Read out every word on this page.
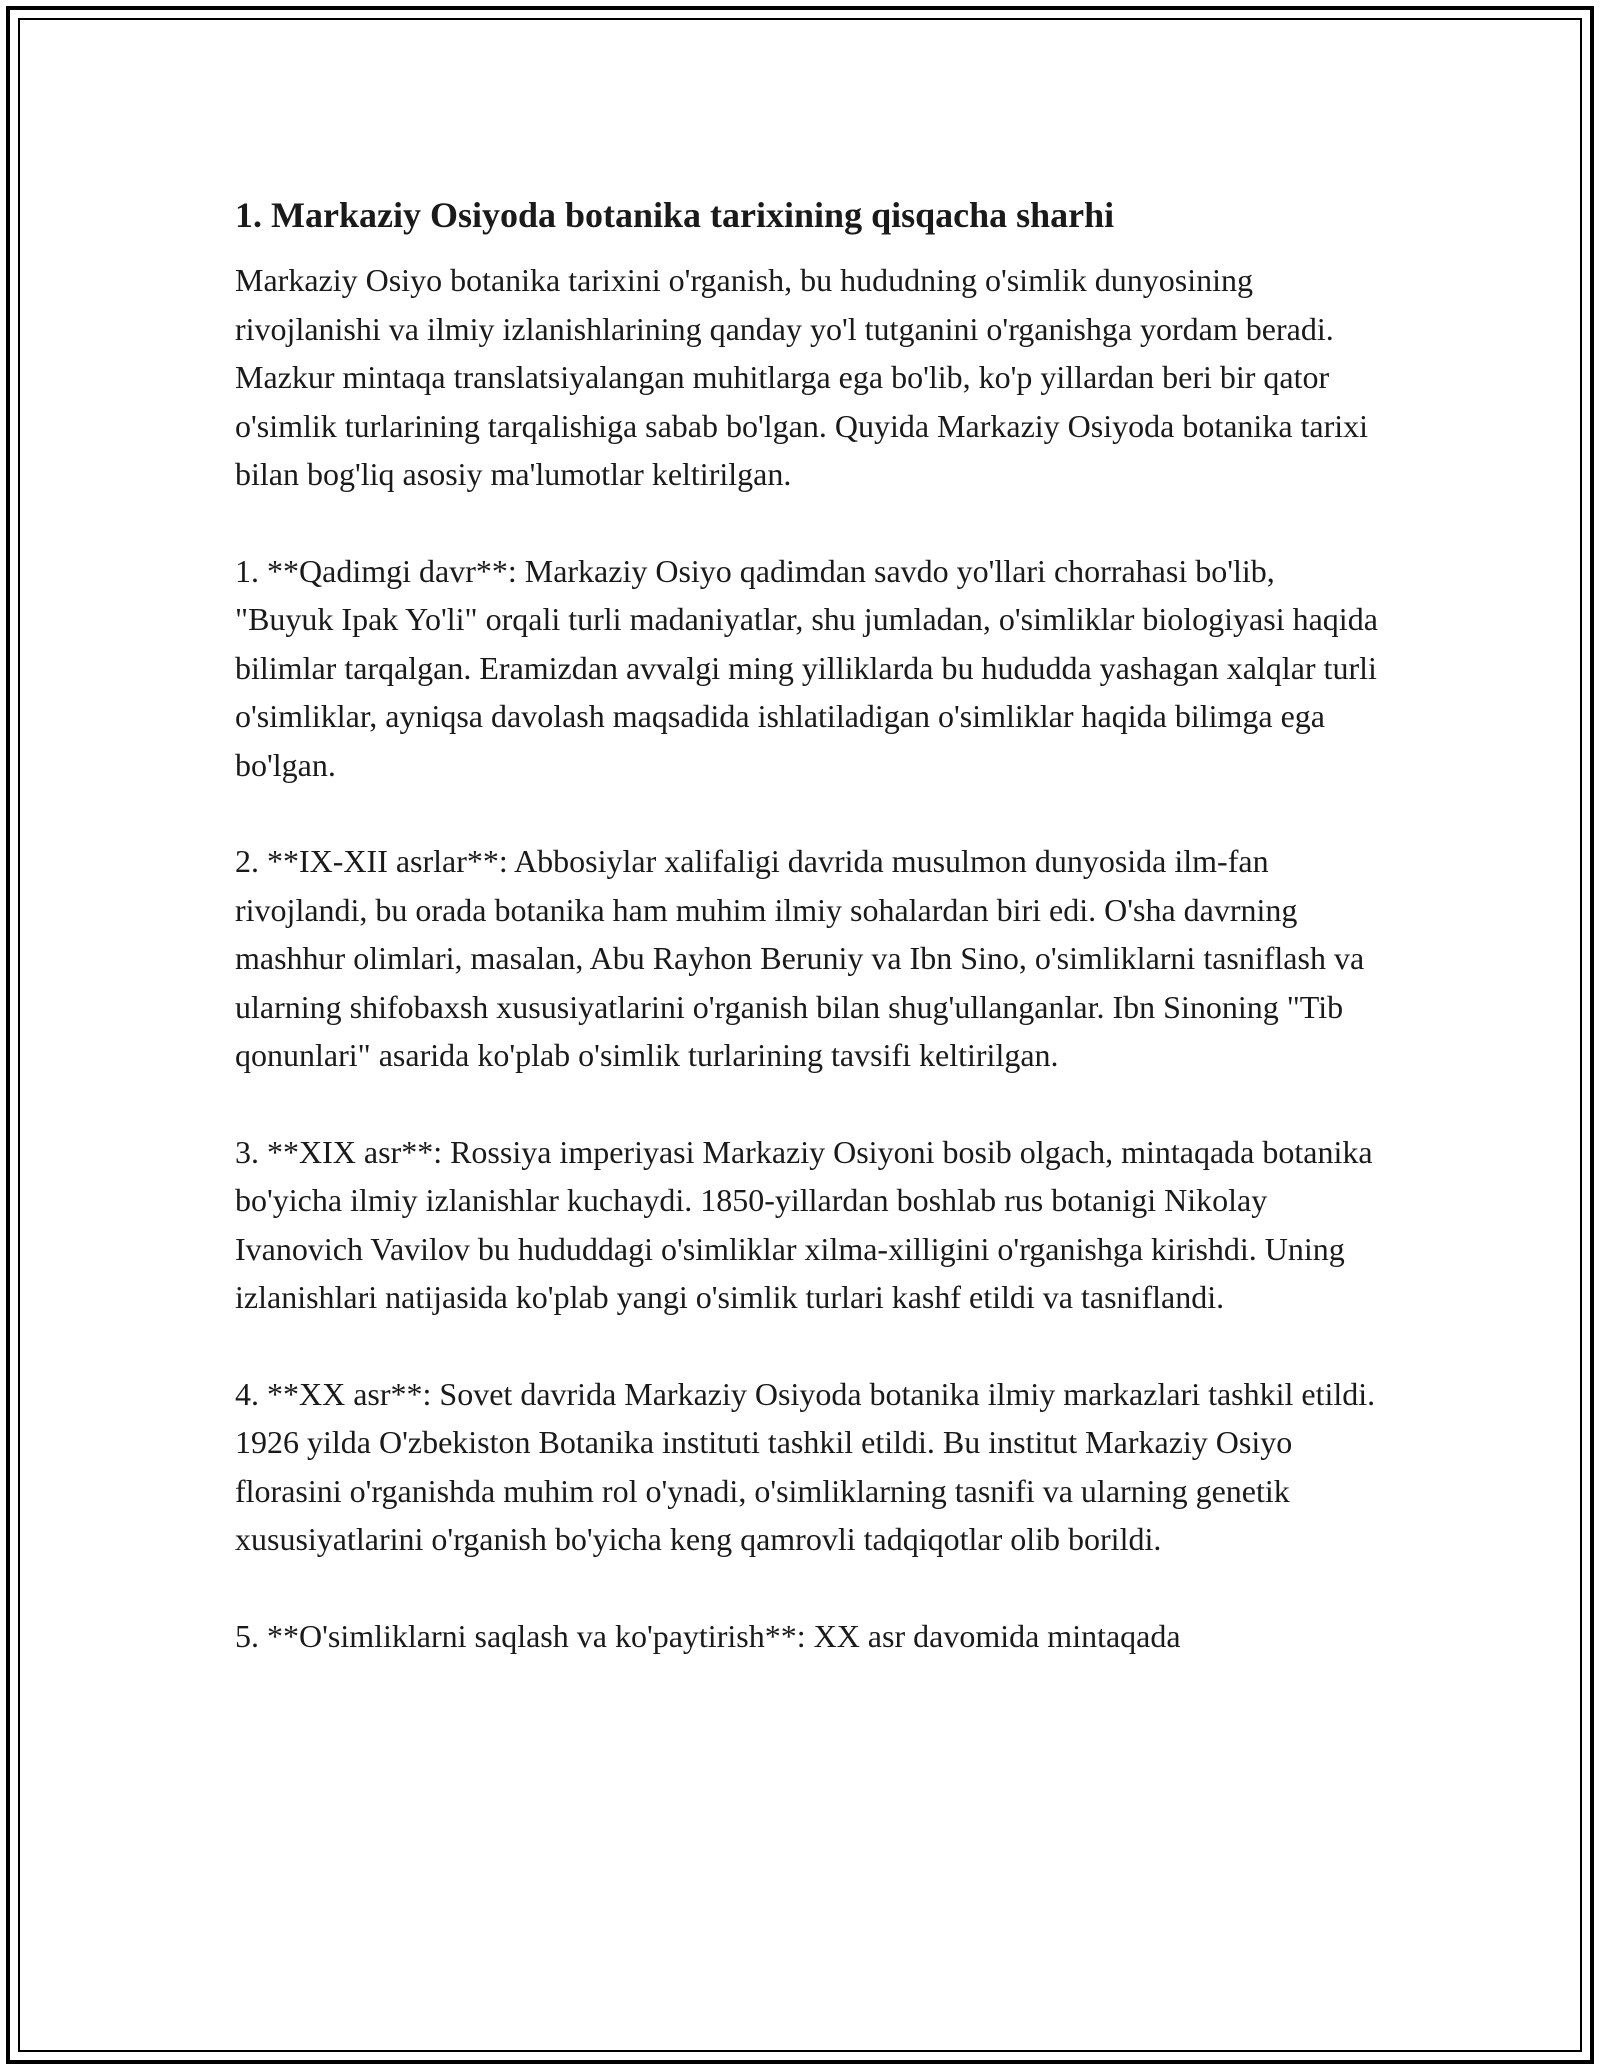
1. Markaziy Osiyoda botanika tarixining qisqacha sharhi

Markaziy Osiyo botanika tarixini o'rganish, bu hududning o'simlik dunyosining rivojlanishi va ilmiy izlanishlarining qanday yo'l tutganini o'rganishga yordam beradi. Mazkur mintaqa translatsiyalangan muhitlarga ega bo'lib, ko'p yillardan beri bir qator o'simlik turlarining tarqalishiga sabab bo'lgan. Quyida Markaziy Osiyoda botanika tarixi bilan bog'liq asosiy ma'lumotlar keltirilgan.

1. **Qadimgi davr**: Markaziy Osiyo qadimdan savdo yo'llari chorrahasi bo'lib, "Buyuk Ipak Yo'li" orqali turli madaniyatlar, shu jumladan, o'simliklar biologiyasi haqida bilimlar tarqalgan. Eramizdan avvalgi ming yilliklarda bu hududda yashagan xalqlar turli o'simliklar, ayniqsa davolash maqsadida ishlatiladigan o'simliklar haqida bilimga ega bo'lgan.

2. **IX-XII asrlar**: Abbosiylar xalifaligi davrida musulmon dunyosida ilm-fan rivojlandi, bu orada botanika ham muhim ilmiy sohalardan biri edi. O'sha davrning mashhur olimlari, masalan, Abu Rayhon Beruniy va Ibn Sino, o'simliklarni tasniflash va ularning shifobaxsh xususiyatlarini o'rganish bilan shug'ullanganlar. Ibn Sinoning "Tib qonunlari" asarida ko'plab o'simlik turlarining tavsifi keltirilgan.

3. **XIX asr**: Rossiya imperiyasi Markaziy Osiyoni bosib olgach, mintaqada botanika bo'yicha ilmiy izlanishlar kuchaydi. 1850-yillardan boshlab rus botanigi Nikolay Ivanovich Vavilov bu hududdagi o'simliklar xilma-xilligini o'rganishga kirishdi. Uning izlanishlari natijasida ko'plab yangi o'simlik turlari kashf etildi va tasniflandi.

4. **XX asr**: Sovet davrida Markaziy Osiyoda botanika ilmiy markazlari tashkil etildi. 1926 yilda O'zbekiston Botanika instituti tashkil etildi. Bu institut Markaziy Osiyo florasini o'rganishda muhim rol o'ynadi, o'simliklarning tasnifi va ularning genetik xususiyatlarini o'rganish bo'yicha keng qamrovli tadqiqotlar olib borildi.

5. **O'simliklarni saqlash va ko'paytirish**: XX asr davomida mintaqada
